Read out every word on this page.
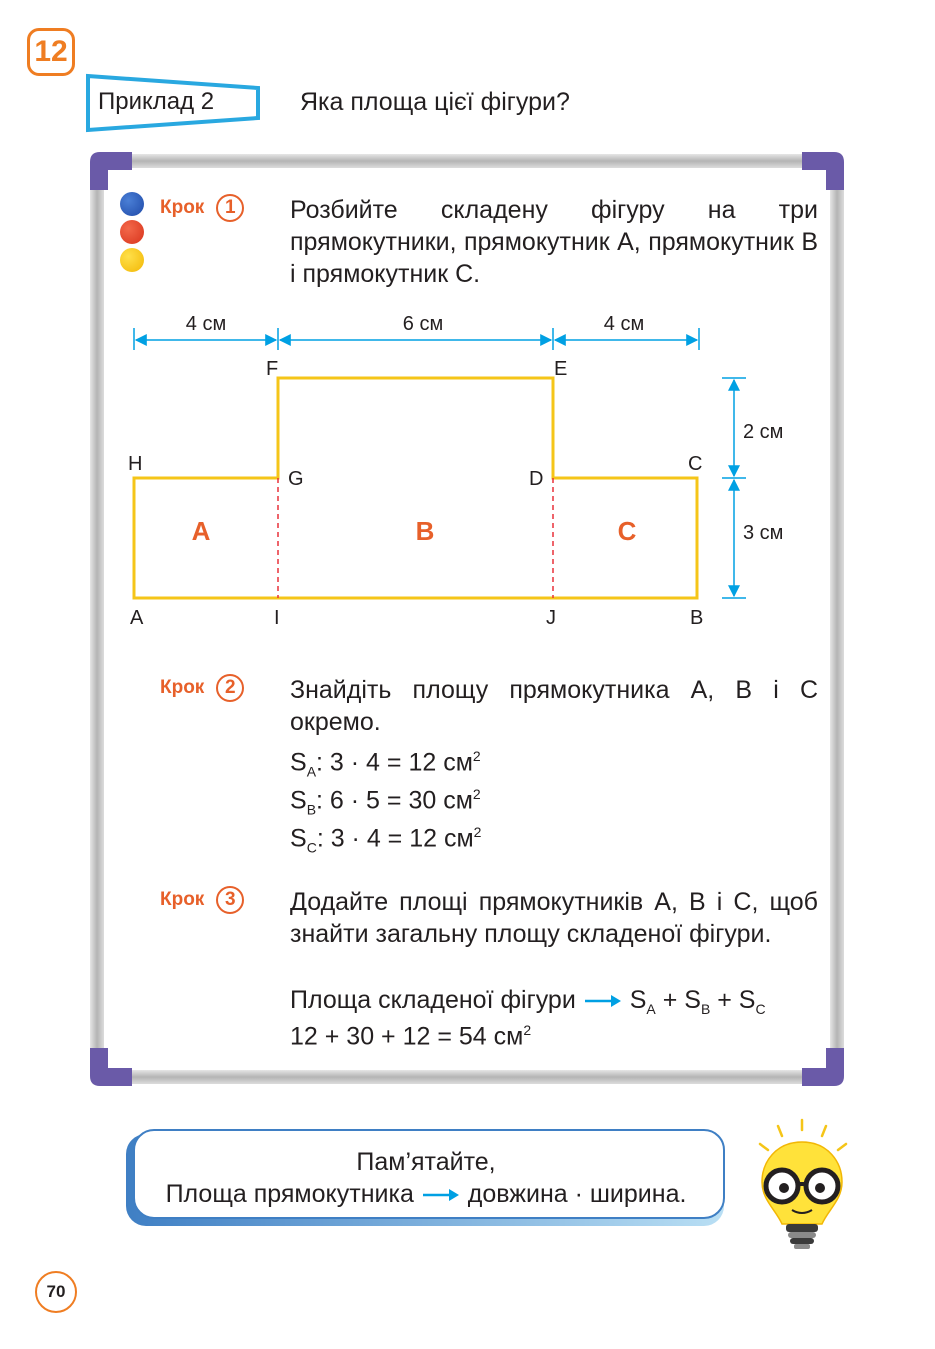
12
Приклад 2	Яка площа цієї фігури?
Крок	1	Розбийте складену фігуру на три прямокутники, прямокутник A, прямокутник B і прямокутник C.
4 см	6 см	4 см
2 см
3 см
F	E
H
G	D
C
A	I	J	B
A	B	C
Крок	2	Знайдіть площу прямокутника A, B і C окремо.
$S_A$: 3 · 4 = 12 $см^2$
$S_B$: 6 · 5 = 30 $см^2$
$S_C$: 3 · 4 = 12 $см^2$
Крок	3	Додайте площі прямокутників A, B і C, щоб знайти загальну площу складеної фігури.
Площа складеної фігури $S_A + S_B + S_C$
12 + 30 + 12 = 54 $см^2$
Пам’ятайте,
Площа прямокутника довжина · ширина.
70
